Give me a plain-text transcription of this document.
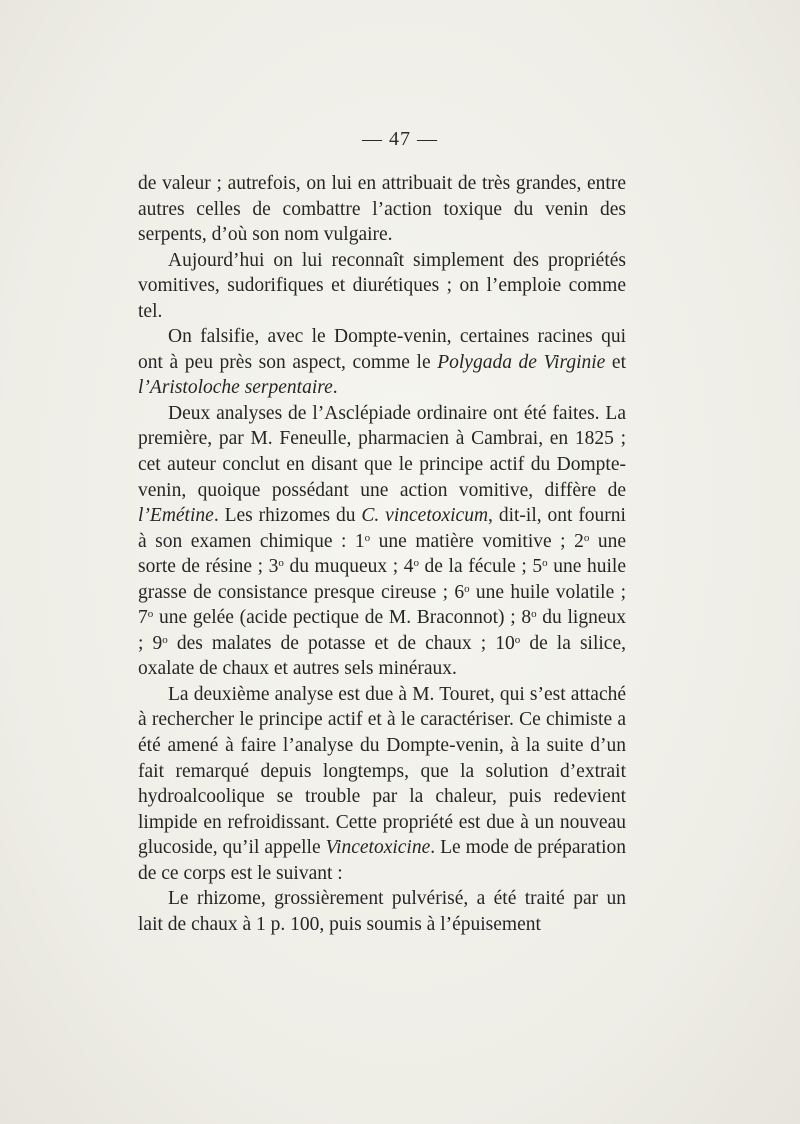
— 47 —

de valeur ; autrefois, on lui en attribuait de très grandes, entre autres celles de combattre l’action toxique du venin des serpents, d’où son nom vulgaire.

Aujourd’hui on lui reconnaît simplement des propriétés vomitives, sudorifiques et diurétiques ; on l’emploie comme tel.

On falsifie, avec le Dompte-venin, certaines racines qui ont à peu près son aspect, comme le Polygada de Virginie et l’Aristoloche serpentaire.

Deux analyses de l’Asclépiade ordinaire ont été faites. La première, par M. Feneulle, pharmacien à Cambrai, en 1825 ; cet auteur conclut en disant que le principe actif du Dompte-venin, quoique possédant une action vomitive, diffère de l’Emétine. Les rhizomes du C. vincetoxicum, dit-il, ont fourni à son examen chimique : 1$^o$ une matière vomitive ; 2$^o$ une sorte de résine ; 3$^o$ du muqueux ; 4$^o$ de la fécule ; 5$^o$ une huile grasse de consistance presque cireuse ; 6$^o$ une huile volatile ; 7$^o$ une gelée (acide pectique de M. Braconnot) ; 8$^o$ du ligneux ; 9$^o$ des malates de potasse et de chaux ; 10$^o$ de la silice, oxalate de chaux et autres sels minéraux.

La deuxième analyse est due à M. Touret, qui s’est attaché à rechercher le principe actif et à le caractériser. Ce chimiste a été amené à faire l’analyse du Dompte-venin, à la suite d’un fait remarqué depuis longtemps, que la solution d’extrait hydroalcoolique se trouble par la chaleur, puis redevient limpide en refroidissant. Cette propriété est due à un nouveau glucoside, qu’il appelle Vincetoxicine. Le mode de préparation de ce corps est le suivant :

Le rhizome, grossièrement pulvérisé, a été traité par un lait de chaux à 1 p. 100, puis soumis à l’épuisement
